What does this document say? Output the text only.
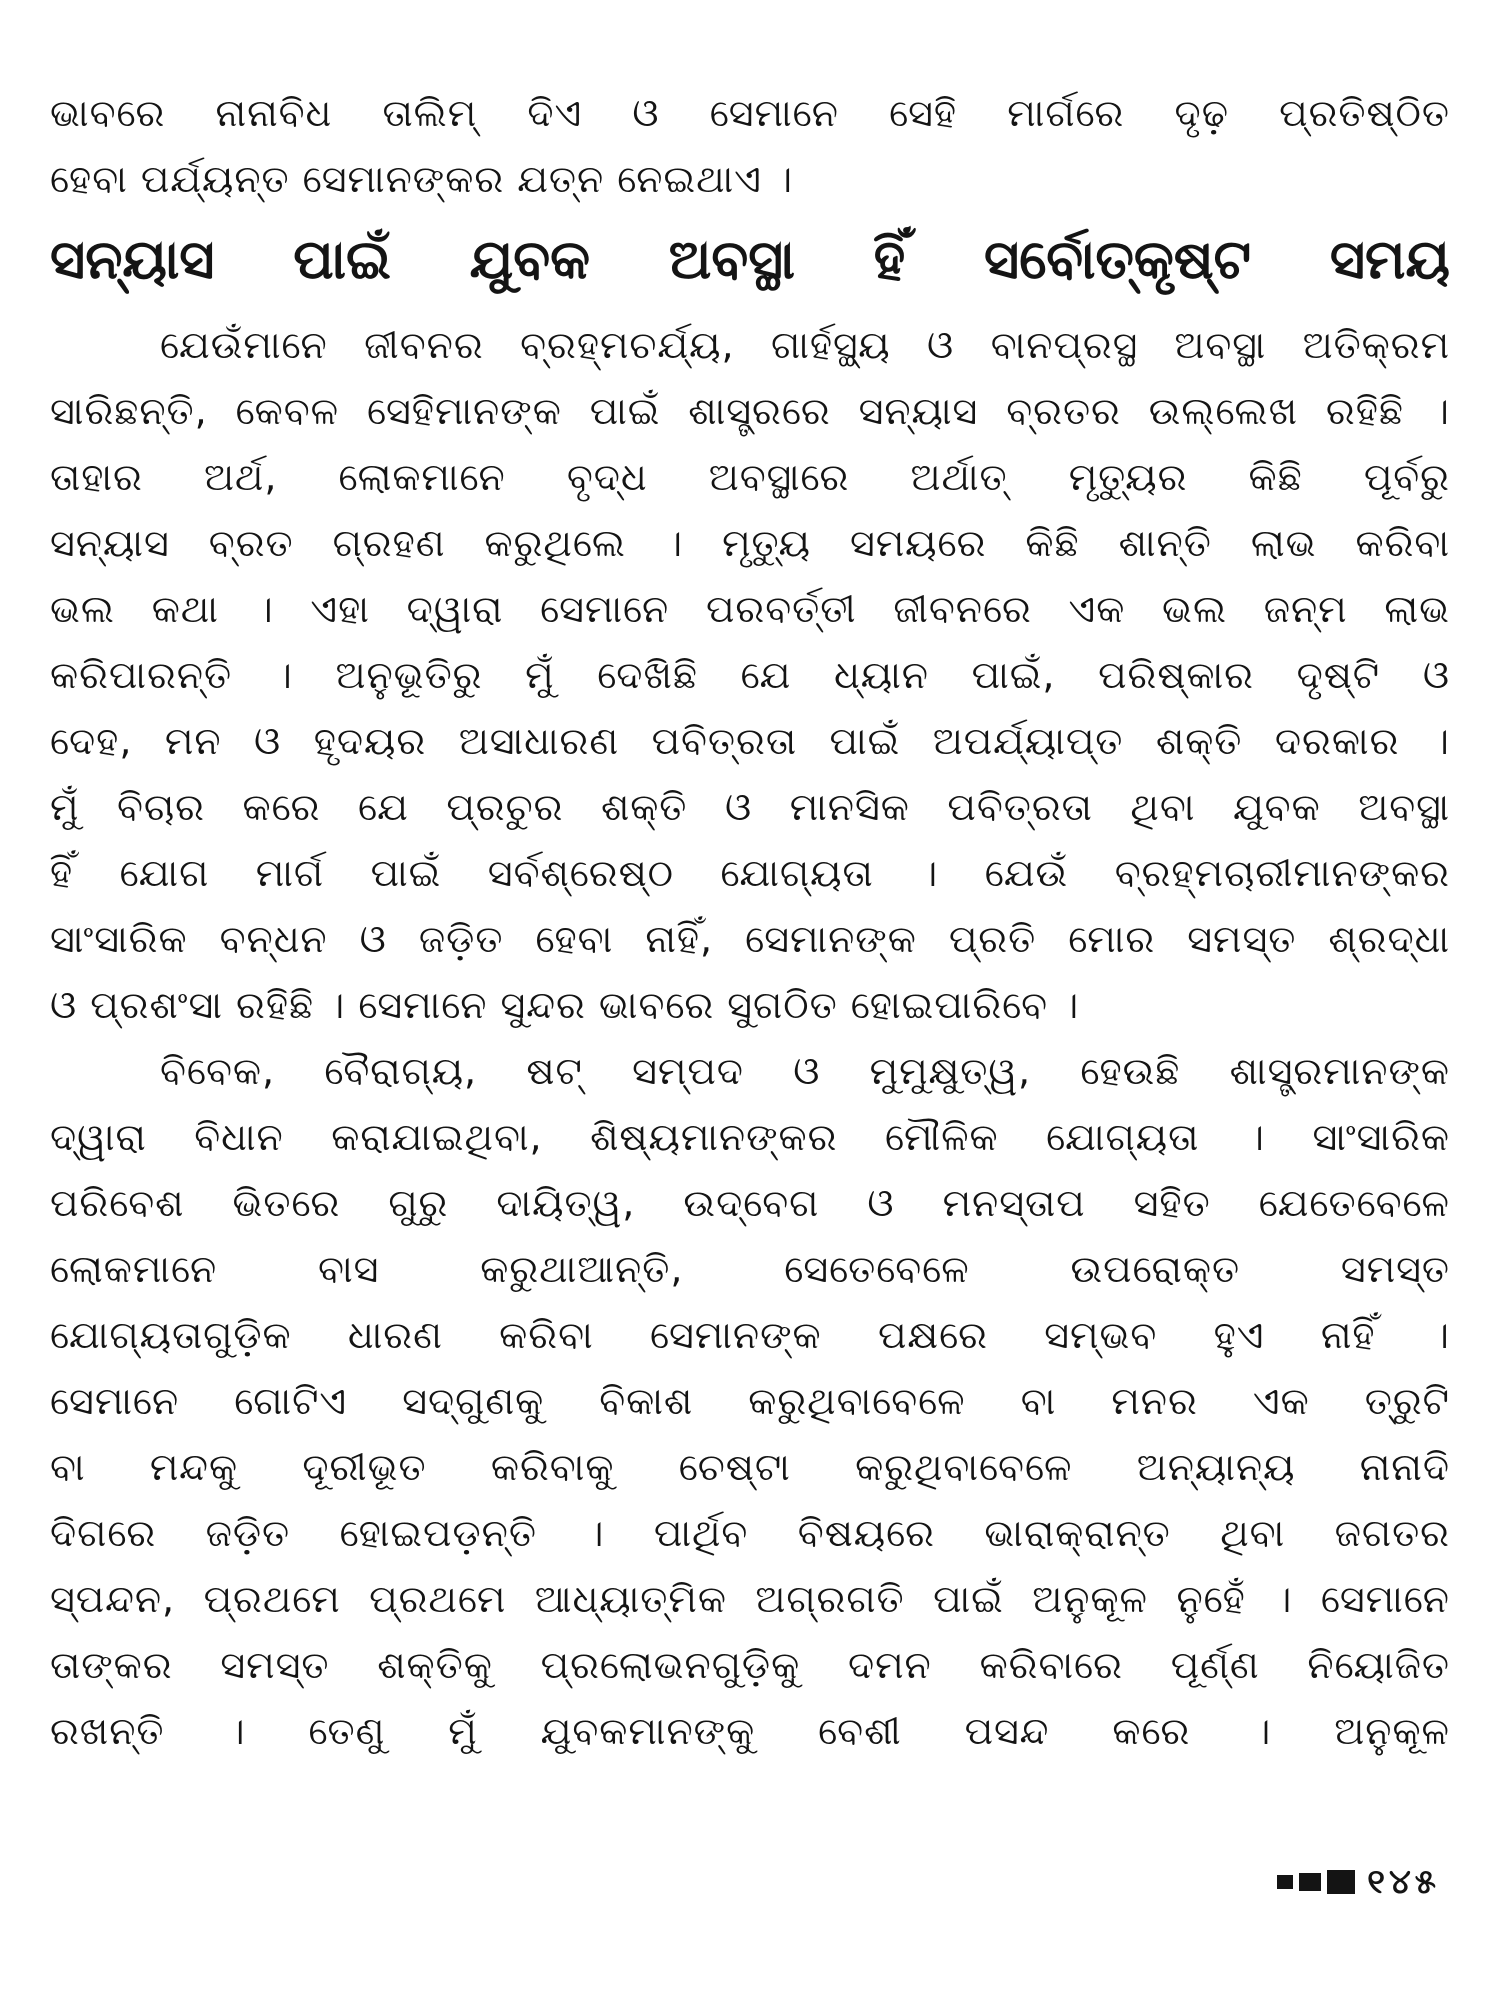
ଭାବରେ ନାନାବିଧ ତାଲିମ୍ ଦିଏ ଓ ସେମାନେ ସେହି ମାର୍ଗରେ ଦୃଢ଼ ପ୍ରତିଷ୍ଠିତ
ହେବା ପର୍ଯ୍ୟନ୍ତ ସେମାନଙ୍କର ଯତ୍ନ ନେଇଥାଏ ।
ସନ୍ୟାସ ପାଇଁ ଯୁବକ ଅବସ୍ଥା ହିଁ ସର୍ବୋତ୍କୃଷ୍ଟ ସମୟ
ଯେଉଁମାନେ ଜୀବନର ବ୍ରହ୍ମଚର୍ଯ୍ୟ, ଗାର୍ହସ୍ଥ୍ୟ ଓ ବାନପ୍ରସ୍ଥ ଅବସ୍ଥା ଅତିକ୍ରମ
ସାରିଛନ୍ତି, କେବଳ ସେହିମାନଙ୍କ ପାଇଁ ଶାସ୍ତ୍ରରେ ସନ୍ୟାସ ବ୍ରତର ଉଲ୍ଲେଖ ରହିଛି ।
ତାହାର ଅର୍ଥ, ଲୋକମାନେ ବୃଦ୍ଧ ଅବସ୍ଥାରେ ଅର୍ଥାତ୍ ମୃତ୍ୟୁର କିଛି ପୂର୍ବରୁ
ସନ୍ୟାସ ବ୍ରତ ଗ୍ରହଣ କରୁଥିଲେ । ମୃତ୍ୟୁ ସମୟରେ କିଛି ଶାନ୍ତି ଲାଭ କରିବା
ଭଲ କଥା । ଏହା ଦ୍ୱାରା ସେମାନେ ପରବର୍ତ୍ତୀ ଜୀବନରେ ଏକ ଭଲ ଜନ୍ମ ଲାଭ
କରିପାରନ୍ତି । ଅନୁଭୂତିରୁ ମୁଁ ଦେଖିଛି ଯେ ଧ୍ୟାନ ପାଇଁ, ପରିଷ୍କାର ଦୃଷ୍ଟି ଓ
ଦେହ, ମନ ଓ ହୃଦୟର ଅସାଧାରଣ ପବିତ୍ରତା ପାଇଁ ଅପର୍ଯ୍ୟାପ୍ତ ଶକ୍ତି ଦରକାର ।
ମୁଁ ବିଚାର କରେ ଯେ ପ୍ରଚୁର ଶକ୍ତି ଓ ମାନସିକ ପବିତ୍ରତା ଥିବା ଯୁବକ ଅବସ୍ଥା
ହିଁ ଯୋଗ ମାର୍ଗ ପାଇଁ ସର୍ବଶ୍ରେଷ୍ଠ ଯୋଗ୍ୟତା । ଯେଉଁ ବ୍ରହ୍ମଚାରୀମାନଙ୍କର
ସାଂସାରିକ ବନ୍ଧନ ଓ ଜଡ଼ିତ ହେବା ନାହିଁ, ସେମାନଙ୍କ ପ୍ରତି ମୋର ସମସ୍ତ ଶ୍ରଦ୍ଧା
ଓ ପ୍ରଶଂସା ରହିଛି । ସେମାନେ ସୁନ୍ଦର ଭାବରେ ସୁଗଠିତ ହୋଇପାରିବେ ।
ବିବେକ, ବୈରାଗ୍ୟ, ଷଟ୍ ସମ୍ପଦ ଓ ମୁମୁକ୍ଷୁତ୍ୱ, ହେଉଛି ଶାସ୍ତ୍ରମାନଙ୍କ
ଦ୍ୱାରା ବିଧାନ କରାଯାଇଥିବା, ଶିଷ୍ୟମାନଙ୍କର ମୌଳିକ ଯୋଗ୍ୟତା । ସାଂସାରିକ
ପରିବେଶ ଭିତରେ ଗୁରୁ ଦାୟିତ୍ୱ, ଉଦ୍‌ବେଗ ଓ ମନସ୍ତାପ ସହିତ ଯେତେବେଳେ
ଲୋକମାନେ ବାସ କରୁଥାଆନ୍ତି, ସେତେବେଳେ ଉପରୋକ୍ତ ସମସ୍ତ
ଯୋଗ୍ୟତାଗୁଡ଼ିକ ଧାରଣ କରିବା ସେମାନଙ୍କ ପକ୍ଷରେ ସମ୍ଭବ ହୁଏ ନାହିଁ ।
ସେମାନେ ଗୋଟିଏ ସଦ୍‌ଗୁଣକୁ ବିକାଶ କରୁଥିବାବେଳେ ବା ମନର ଏକ ତ୍ରୁଟି
ବା ମନ୍ଦକୁ ଦୂରୀଭୂତ କରିବାକୁ ଚେଷ୍ଟା କରୁଥିବାବେଳେ ଅନ୍ୟାନ୍ୟ ନାନାଦି
ଦିଗରେ ଜଡ଼ିତ ହୋଇପଡ଼ନ୍ତି । ପାର୍ଥିବ ବିଷୟରେ ଭାରାକ୍ରାନ୍ତ ଥିବା ଜଗତର
ସ୍ପନ୍ଦନ, ପ୍ରଥମେ ପ୍ରଥମେ ଆଧ୍ୟାତ୍ମିକ ଅଗ୍ରଗତି ପାଇଁ ଅନୁକୂଳ ନୁହେଁ । ସେମାନେ
ତାଙ୍କର ସମସ୍ତ ଶକ୍ତିକୁ ପ୍ରଲୋଭନଗୁଡ଼ିକୁ ଦମନ କରିବାରେ ପୂର୍ଣ୍ଣ ନିୟୋଜିତ
ରଖନ୍ତି । ତେଣୁ ମୁଁ ଯୁବକମାନଙ୍କୁ ବେଶୀ ପସନ୍ଦ କରେ । ଅନୁକୂଳ
୧୪୫
